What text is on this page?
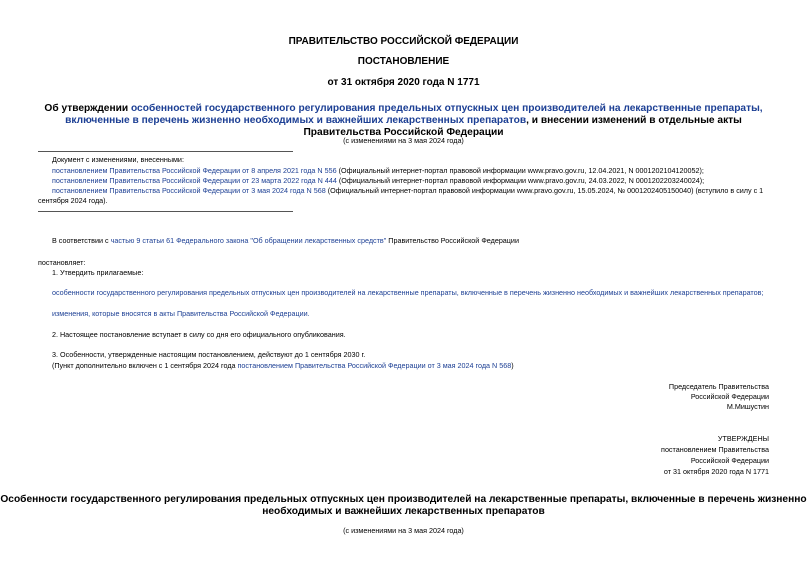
ПРАВИТЕЛЬСТВО РОССИЙСКОЙ ФЕДЕРАЦИИ
ПОСТАНОВЛЕНИЕ
от 31 октября 2020 года N 1771
Об утверждении особенностей государственного регулирования предельных отпускных цен производителей на лекарственные препараты, включенные в перечень жизненно необходимых и важнейших лекарственных препаратов, и внесении изменений в отдельные акты Правительства Российской Федерации
(с изменениями на 3 мая 2024 года)
Документ с изменениями, внесенными:
постановлением Правительства Российской Федерации от 8 апреля 2021 года N 556 (Официальный интернет-портал правовой информации www.pravo.gov.ru, 12.04.2021, N 0001202104120052);
постановлением Правительства Российской Федерации от 23 марта 2022 года N 444 (Официальный интернет-портал правовой информации www.pravo.gov.ru, 24.03.2022, N 0001202203240024);
постановлением Правительства Российской Федерации от 3 мая 2024 года N 568 (Официальный интернет-портал правовой информации www.pravo.gov.ru, 15.05.2024, № 0001202405150040) (вступило в силу с 1
сентября 2024 года).
В соответствии с частью 9 статьи 61 Федерального закона "Об обращении лекарственных средств" Правительство Российской Федерации
постановляет:
1. Утвердить прилагаемые:
особенности государственного регулирования предельных отпускных цен производителей на лекарственные препараты, включенные в перечень жизненно необходимых и важнейших лекарственных препаратов;
изменения, которые вносятся в акты Правительства Российской Федерации.
2. Настоящее постановление вступает в силу со дня его официального опубликования.
3. Особенности, утвержденные настоящим постановлением, действуют до 1 сентября 2030 г.
(Пункт дополнительно включен с 1 сентября 2024 года постановлением Правительства Российской Федерации от 3 мая 2024 года N 568)
Председатель Правительства
Российской Федерации
М.Мишустин
УТВЕРЖДЕНЫ
постановлением Правительства
Российской Федерации
от 31 октября 2020 года N 1771
Особенности государственного регулирования предельных отпускных цен производителей на лекарственные препараты, включенные в перечень жизненно
необходимых и важнейших лекарственных препаратов
(с изменениями на 3 мая 2024 года)
